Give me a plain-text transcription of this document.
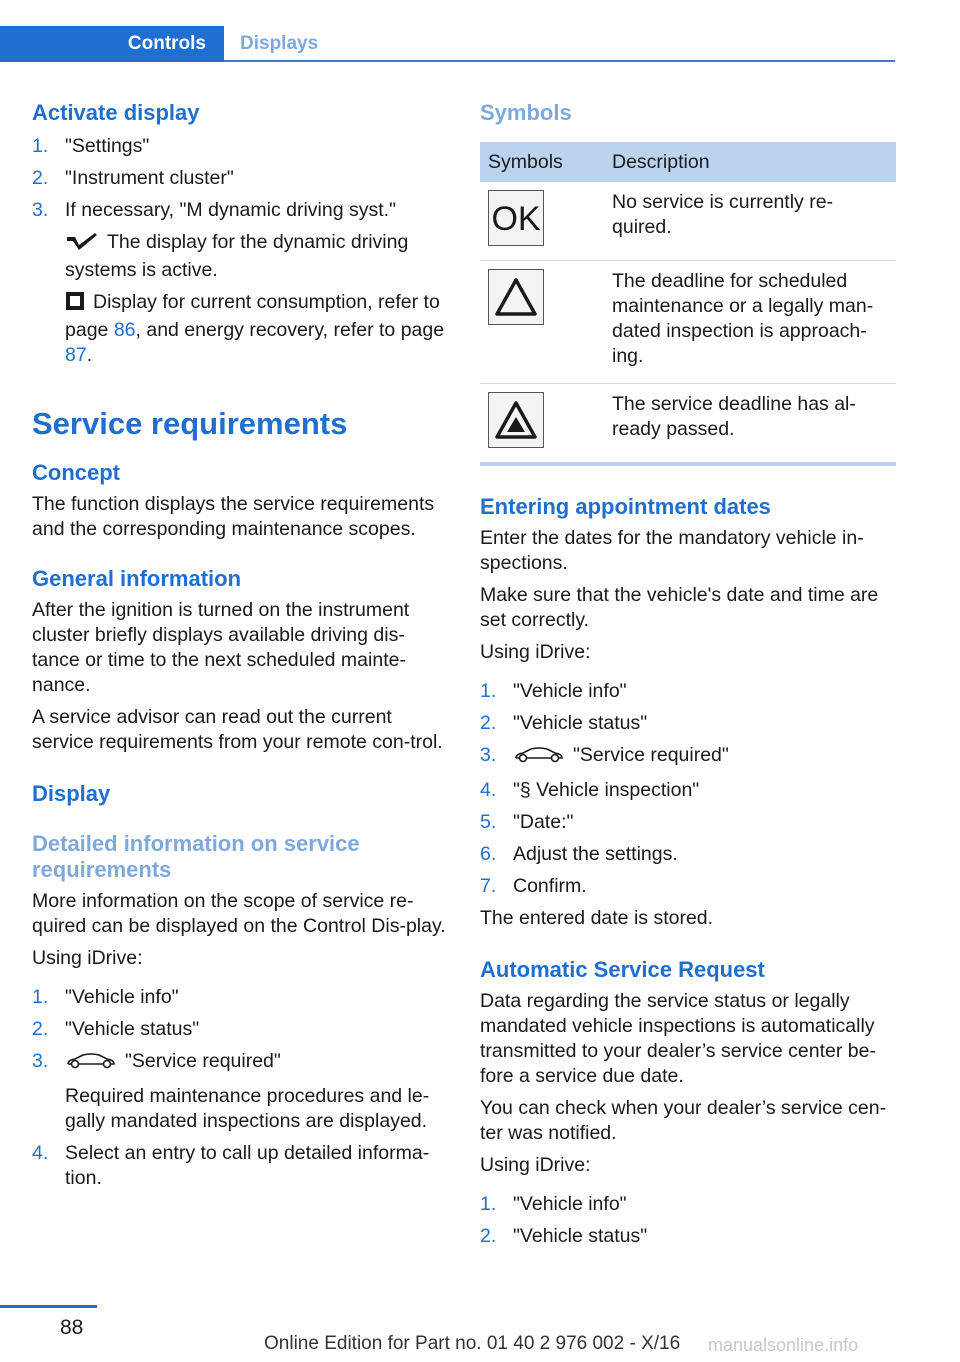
Controls	Displays
Activate display
1. "Settings"
2. "Instrument cluster"
3. If necessary, "M dynamic driving syst."

The display for the dynamic driving systems is active.

Display for current consumption, refer to page 86, and energy recovery, refer to page 87.

Service requirements
Concept

The function displays the service requirements and the corresponding maintenance scopes.

General information

After the ignition is turned on the instrument cluster briefly displays available driving dis-tance or time to the next scheduled mainte-nance.

A service advisor can read out the current service requirements from your remote con-trol.

Display
Detailed information on service requirements

More information on the scope of service re-quired can be displayed on the Control Dis-play.

Using iDrive:

1. "Vehicle info"
2. "Vehicle status"
3.	"Service required"

Required maintenance procedures and le-gally mandated inspections are displayed.

4. Select an entry to call up detailed informa-tion.
Symbols
Symbols	Description

OK	No service is currently re-quired.

	The deadline for scheduled maintenance or a legally man-dated inspection is approach-ing.

	The service deadline has al-ready passed.
Entering appointment dates

Enter the dates for the mandatory vehicle in-spections.

Make sure that the vehicle's date and time are set correctly.

Using iDrive:

1. "Vehicle info"
2. "Vehicle status"
3.	"Service required"
4. "§ Vehicle inspection"
5. "Date:"
6. Adjust the settings.
7. Confirm.

The entered date is stored.

Automatic Service Request

Data regarding the service status or legally mandated vehicle inspections is automatically transmitted to your dealer’s service center be-fore a service due date.

You can check when your dealer’s service cen-ter was notified.

Using iDrive:

1. "Vehicle info"
2. "Vehicle status"
88
Online Edition for Part no. 01 40 2 976 002 - X/16 manualsonline.info
